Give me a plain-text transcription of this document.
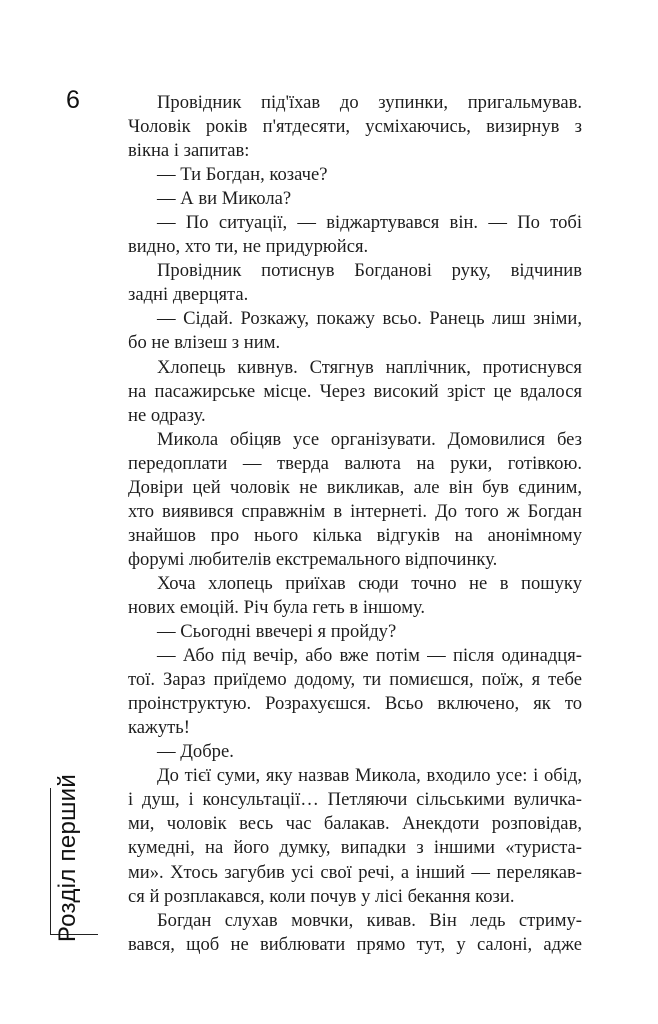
6	Провідник під'їхав до зупинки, пригальмував.
Чоловік років п'ятдесяти, усміхаючись, визирнув з
вікна і запитав:
— Ти Богдан, козаче?
— А ви Микола?
— По ситуації, — віджартувався він. — По тобі
видно, хто ти, не придурюйся.
Провідник потиснув Богданові руку, відчинив
задні дверцята.
— Сідай. Розкажу, покажу всьо. Ранець лиш зніми,
бо не влізеш з ним.
Хлопець кивнув. Стягнув наплічник, протиснувся
на пасажирське місце. Через високий зріст це вдалося
не одразу.
Микола обіцяв усе організувати. Домовилися без
передоплати — тверда валюта на руки, готівкою.
Довіри цей чоловік не викликав, але він був єдиним,
хто виявився справжнім в інтернеті. До того ж Богдан
знайшов про нього кілька відгуків на анонімному
форумі любителів екстремального відпочинку.
Хоча хлопець приїхав сюди точно не в пошуку
нових емоцій. Річ була геть в іншому.
— Сьогодні ввечері я пройду?
— Або під вечір, або вже потім — після одинадця-
тої. Зараз приїдемо додому, ти помиєшся, поїж, я тебе
проінструктую. Розрахуєшся. Всьо включено, як то
кажуть!
— Добре.
До тієї суми, яку назвав Микола, входило усе: і обід,
і душ, і консультації… Петляючи сільськими вуличка-
ми, чоловік весь час балакав. Анекдоти розповідав,
кумедні, на його думку, випадки з іншими «туриста-
ми». Хтось загубив усі свої речі, а інший — перелякав-
ся й розплакався, коли почув у лісі бекання кози.
Богдан слухав мовчки, кивав. Він ледь стриму-
вався, щоб не виблювати прямо тут, у салоні, адже
Розділ перший
